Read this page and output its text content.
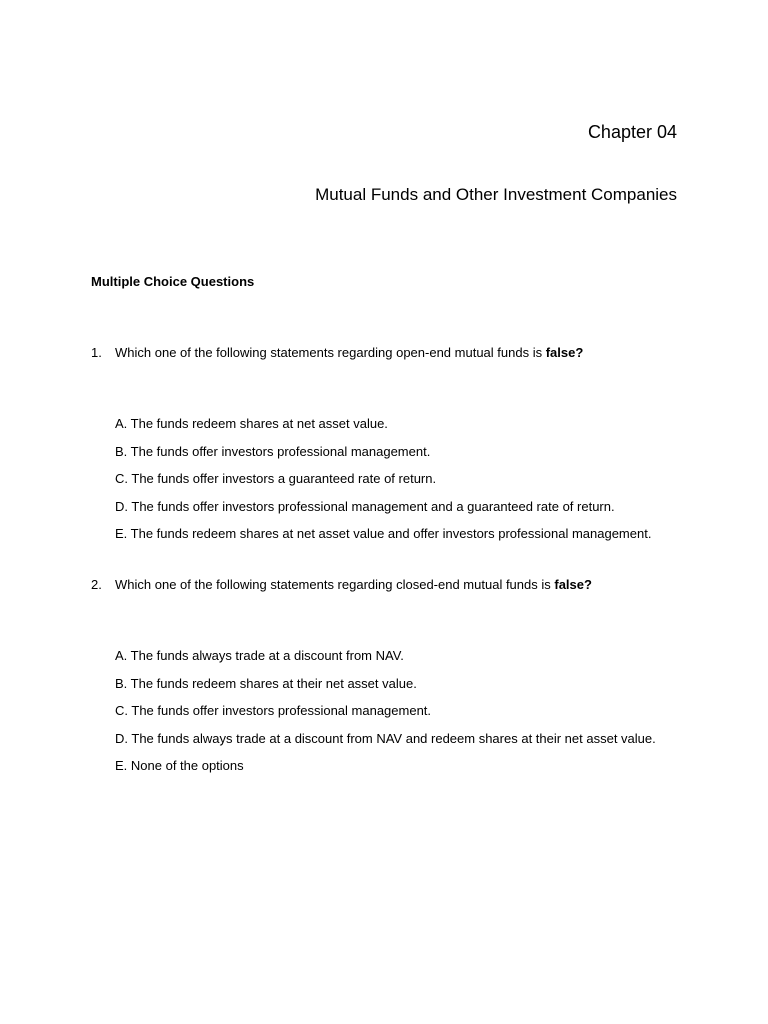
Chapter 04
Mutual Funds and Other Investment Companies
Multiple Choice Questions
1. Which one of the following statements regarding open-end mutual funds is false?
A. The funds redeem shares at net asset value.
B. The funds offer investors professional management.
C. The funds offer investors a guaranteed rate of return.
D. The funds offer investors professional management and a guaranteed rate of return.
E. The funds redeem shares at net asset value and offer investors professional management.
2. Which one of the following statements regarding closed-end mutual funds is false?
A. The funds always trade at a discount from NAV.
B. The funds redeem shares at their net asset value.
C. The funds offer investors professional management.
D. The funds always trade at a discount from NAV and redeem shares at their net asset value.
E. None of the options
